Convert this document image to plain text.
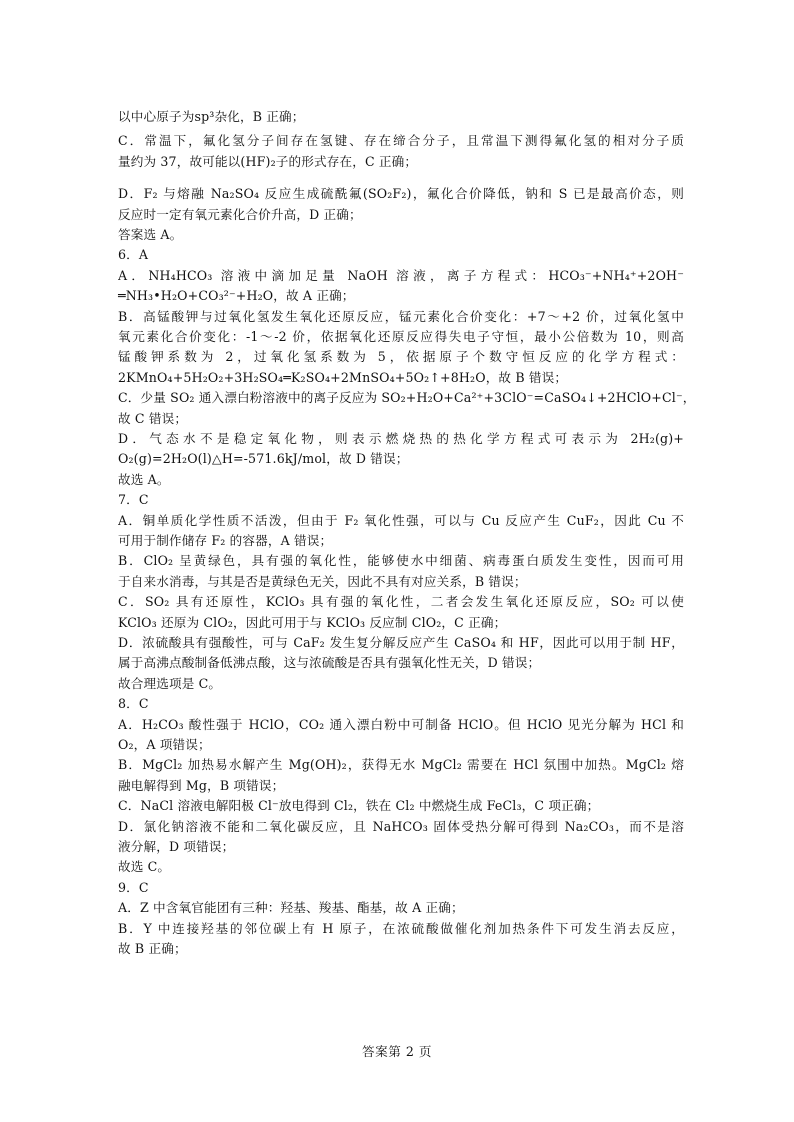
以中心原子为sp³杂化，B 正确；
C．常温下，氟化氢分子间存在氢键、存在缔合分子，且常温下测得氟化氢的相对分子质
量约为 37，故可能以(HF)₂子的形式存在，C 正确；
D．F₂ 与熔融 Na₂SO₄ 反应生成硫酰氟(SO₂F₂)，氟化合价降低，钠和 S 已是最高价态，则
反应时一定有氧元素化合价升高，D 正确；
答案选 A。
6．A
A．NH₄HCO₃ 溶液中滴加足量 NaOH 溶液，离子方程式：HCO₃⁻+NH₄⁺+2OH⁻
═NH₃•H₂O+CO₃²⁻+H₂O，故 A 正确；
B．高锰酸钾与过氧化氢发生氧化还原反应，锰元素化合价变化：+7～+2 价，过氧化氢中
氧元素化合价变化：-1～-2 价，依据氧化还原反应得失电子守恒，最小公倍数为 10，则高
锰酸钾系数为 2，过氧化氢系数为 5，依据原子个数守恒反应的化学方程式：
2KMnO₄+5H₂O₂+3H₂SO₄═K₂SO₄+2MnSO₄+5O₂↑+8H₂O，故 B 错误；
C．少量 SO₂ 通入漂白粉溶液中的离子反应为 SO₂+H₂O+Ca²⁺+3ClO⁻=CaSO₄↓+2HClO+Cl⁻，
故 C 错误；
D．气态水不是稳定氧化物，则表示燃烧热的热化学方程式可表示为 2H₂(g)+
O₂(g)=2H₂O(l)△H=-571.6kJ/mol，故 D 错误；
故选 A。
7．C
A．铜单质化学性质不活泼，但由于 F₂ 氧化性强，可以与 Cu 反应产生 CuF₂，因此 Cu 不
可用于制作储存 F₂ 的容器，A 错误；
B．ClO₂ 呈黄绿色，具有强的氧化性，能够使水中细菌、病毒蛋白质发生变性，因而可用
于自来水消毒，与其是否是黄绿色无关，因此不具有对应关系，B 错误；
C．SO₂ 具有还原性，KClO₃ 具有强的氧化性，二者会发生氧化还原反应，SO₂ 可以使
KClO₃ 还原为 ClO₂，因此可用于与 KClO₃ 反应制 ClO₂，C 正确；
D．浓硫酸具有强酸性，可与 CaF₂ 发生复分解反应产生 CaSO₄ 和 HF，因此可以用于制 HF，
属于高沸点酸制备低沸点酸，这与浓硫酸是否具有强氧化性无关，D 错误；
故合理选项是 C。
8．C
A．H₂CO₃ 酸性强于 HClO，CO₂ 通入漂白粉中可制备 HClO。但 HClO 见光分解为 HCl 和
O₂，A 项错误；
B．MgCl₂ 加热易水解产生 Mg(OH)₂，获得无水 MgCl₂ 需要在 HCl 氛围中加热。MgCl₂ 熔
融电解得到 Mg，B 项错误；
C．NaCl 溶液电解阳极 Cl⁻放电得到 Cl₂，铁在 Cl₂ 中燃烧生成 FeCl₃，C 项正确；
D．氯化钠溶液不能和二氧化碳反应，且 NaHCO₃ 固体受热分解可得到 Na₂CO₃，而不是溶
液分解，D 项错误；
故选 C。
9．C
A．Z 中含氧官能团有三种：羟基、羧基、酯基，故 A 正确；
B．Y 中连接羟基的邻位碳上有 H 原子，在浓硫酸做催化剂加热条件下可发生消去反应，
故 B 正确；
答案第 2 页
